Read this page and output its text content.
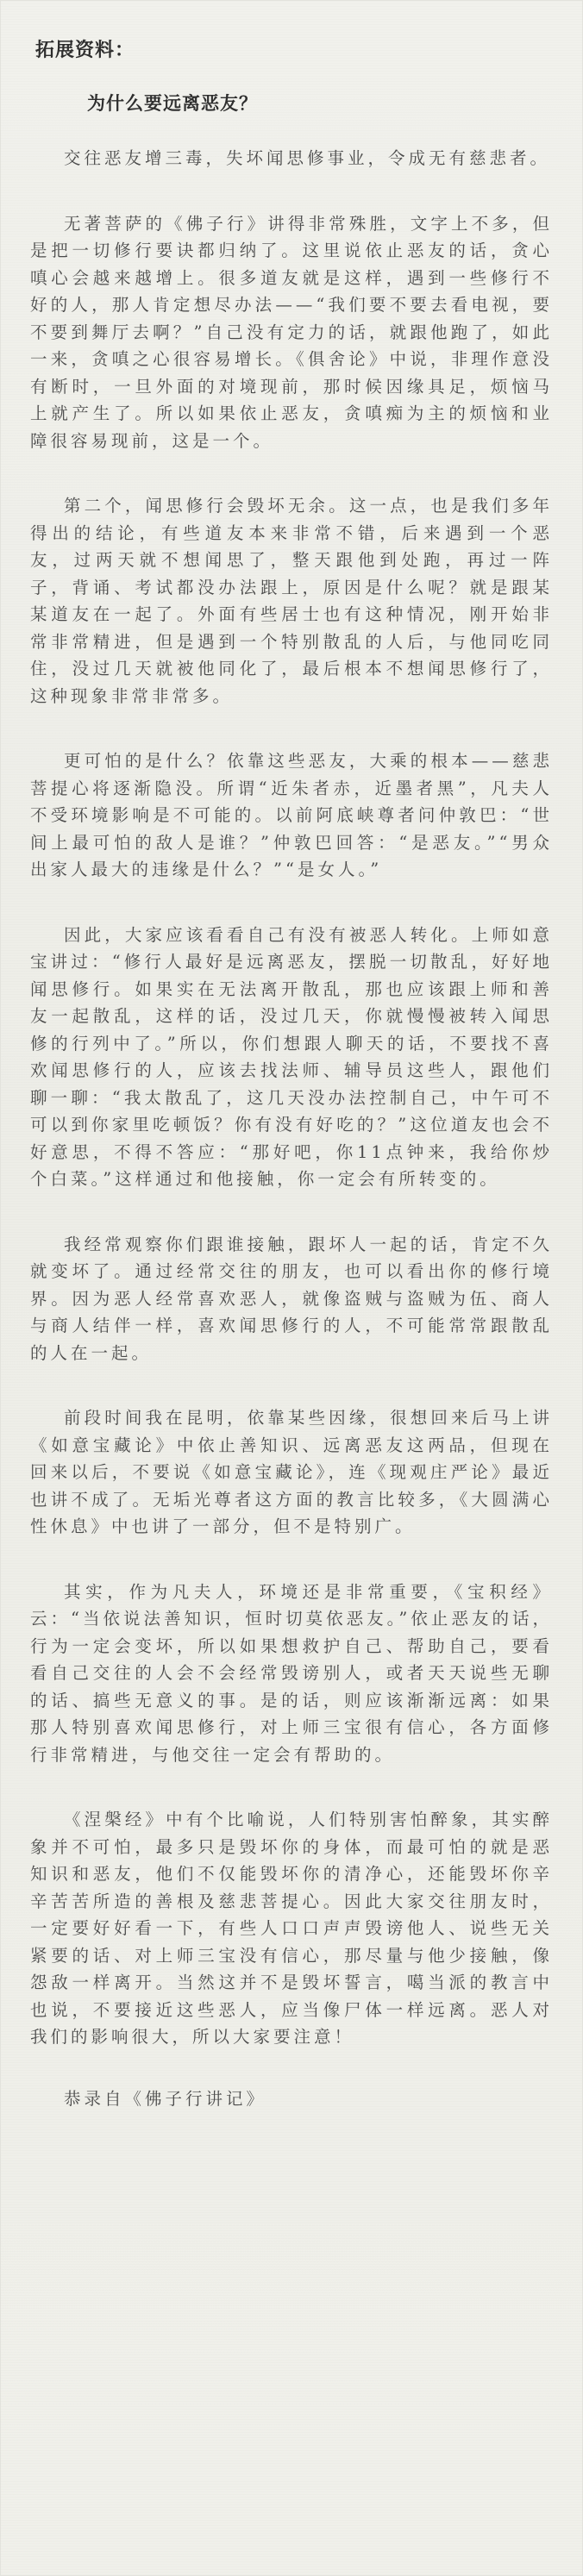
拓展资料：
为什么要远离恶友？

交往恶友增三毒，失坏闻思修事业，令成无有慈悲者。

无著菩萨的《佛子行》讲得非常殊胜，文字上不多，但是把一切修行要诀都归纳了。这里说依止恶友的话，贪心嗔心会越来越增上。很多道友就是这样，遇到一些修行不好的人，那人肯定想尽办法——“我们要不要去看电视，要不要到舞厅去啊？”自己没有定力的话，就跟他跑了，如此一来，贪嗔之心很容易增长。《俱舍论》中说，非理作意没有断时，一旦外面的对境现前，那时候因缘具足，烦恼马上就产生了。所以如果依止恶友，贪嗔痴为主的烦恼和业障很容易现前，这是一个。

第二个，闻思修行会毁坏无余。这一点，也是我们多年得出的结论，有些道友本来非常不错，后来遇到一个恶友，过两天就不想闻思了，整天跟他到处跑，再过一阵子，背诵、考试都没办法跟上，原因是什么呢？就是跟某某道友在一起了。外面有些居士也有这种情况，刚开始非常非常精进，但是遇到一个特别散乱的人后，与他同吃同住，没过几天就被他同化了，最后根本不想闻思修行了，这种现象非常非常多。

更可怕的是什么？依靠这些恶友，大乘的根本——慈悲菩提心将逐渐隐没。所谓“近朱者赤，近墨者黑”，凡夫人不受环境影响是不可能的。以前阿底峡尊者问仲敦巴：“世间上最可怕的敌人是谁？”仲敦巴回答：“是恶友。”“男众出家人最大的违缘是什么？”“是女人。”

因此，大家应该看看自己有没有被恶人转化。上师如意宝讲过：“修行人最好是远离恶友，摆脱一切散乱，好好地闻思修行。如果实在无法离开散乱，那也应该跟上师和善友一起散乱，这样的话，没过几天，你就慢慢被转入闻思修的行列中了。”所以，你们想跟人聊天的话，不要找不喜欢闻思修行的人，应该去找法师、辅导员这些人，跟他们聊一聊：“我太散乱了，这几天没办法控制自己，中午可不可以到你家里吃顿饭？你有没有好吃的？”这位道友也会不好意思，不得不答应：“那好吧，你11点钟来，我给你炒个白菜。”这样通过和他接触，你一定会有所转变的。

我经常观察你们跟谁接触，跟坏人一起的话，肯定不久就变坏了。通过经常交往的朋友，也可以看出你的修行境界。因为恶人经常喜欢恶人，就像盗贼与盗贼为伍、商人与商人结伴一样，喜欢闻思修行的人，不可能常常跟散乱的人在一起。

前段时间我在昆明，依靠某些因缘，很想回来后马上讲《如意宝藏论》中依止善知识、远离恶友这两品，但现在回来以后，不要说《如意宝藏论》，连《现观庄严论》最近也讲不成了。无垢光尊者这方面的教言比较多，《大圆满心性休息》中也讲了一部分，但不是特别广。

其实，作为凡夫人，环境还是非常重要，《宝积经》云：“当依说法善知识，恒时切莫依恶友。”依止恶友的话，行为一定会变坏，所以如果想救护自己、帮助自己，要看看自己交往的人会不会经常毁谤别人，或者天天说些无聊的话、搞些无意义的事。是的话，则应该渐渐远离：如果那人特别喜欢闻思修行，对上师三宝很有信心，各方面修行非常精进，与他交往一定会有帮助的。

《涅槃经》中有个比喻说，人们特别害怕醉象，其实醉象并不可怕，最多只是毁坏你的身体，而最可怕的就是恶知识和恶友，他们不仅能毁坏你的清净心，还能毁坏你辛辛苦苦所造的善根及慈悲菩提心。因此大家交往朋友时，一定要好好看一下，有些人口口声声毁谤他人、说些无关紧要的话、对上师三宝没有信心，那尽量与他少接触，像怨敌一样离开。当然这并不是毁坏誓言，噶当派的教言中也说，不要接近这些恶人，应当像尸体一样远离。恶人对我们的影响很大，所以大家要注意！

恭录自《佛子行讲记》
